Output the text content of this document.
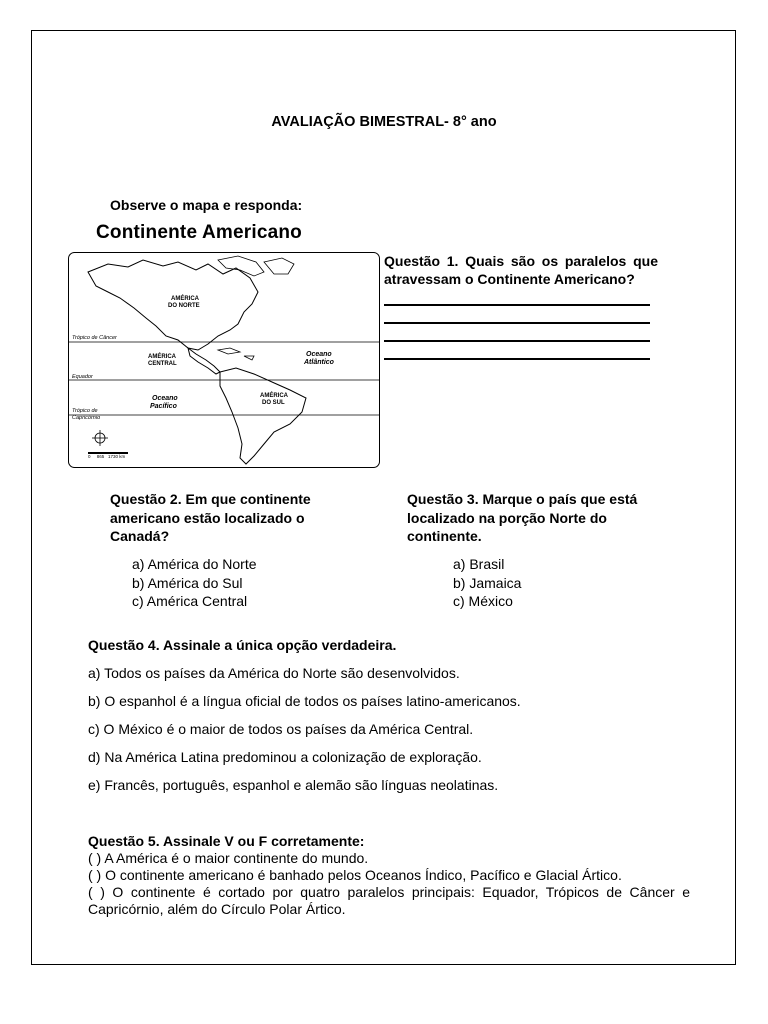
AVALIAÇÃO BIMESTRAL- 8° ano
Observe o mapa e responda:
Continente Americano
AMÉRICA
DO NORTE
AMÉRICA
CENTRAL
AMÉRICA
DO SUL
Oceano
Atlântico
Oceano
Pacífico
Trópico de Câncer
Equador
Trópico de
Capricórnio
0     865   1730 km
Questão 1. Quais são os paralelos que atravessam o Continente Americano?
Questão 2. Em que continente americano estão localizado o Canadá?
a) América do Norte
b) América do Sul
c) América Central
Questão 3. Marque o país que está localizado na porção Norte do continente.
a) Brasil
b) Jamaica
c) México
Questão 4. Assinale a única opção verdadeira.
a) Todos os países da América do Norte são desenvolvidos.
b) O espanhol é a língua oficial de todos os países latino-americanos.
c) O México é o maior de todos os países da América Central.
d) Na América Latina predominou a colonização de exploração.
e) Francês, português, espanhol e alemão são línguas neolatinas.
Questão 5. Assinale V ou F corretamente:
( ) A América é o maior continente do mundo.
( ) O continente americano é banhado pelos Oceanos Índico, Pacífico e Glacial Ártico.
( ) O continente é cortado por quatro paralelos principais: Equador, Trópicos de Câncer e Capricórnio, além do Círculo Polar Ártico.
